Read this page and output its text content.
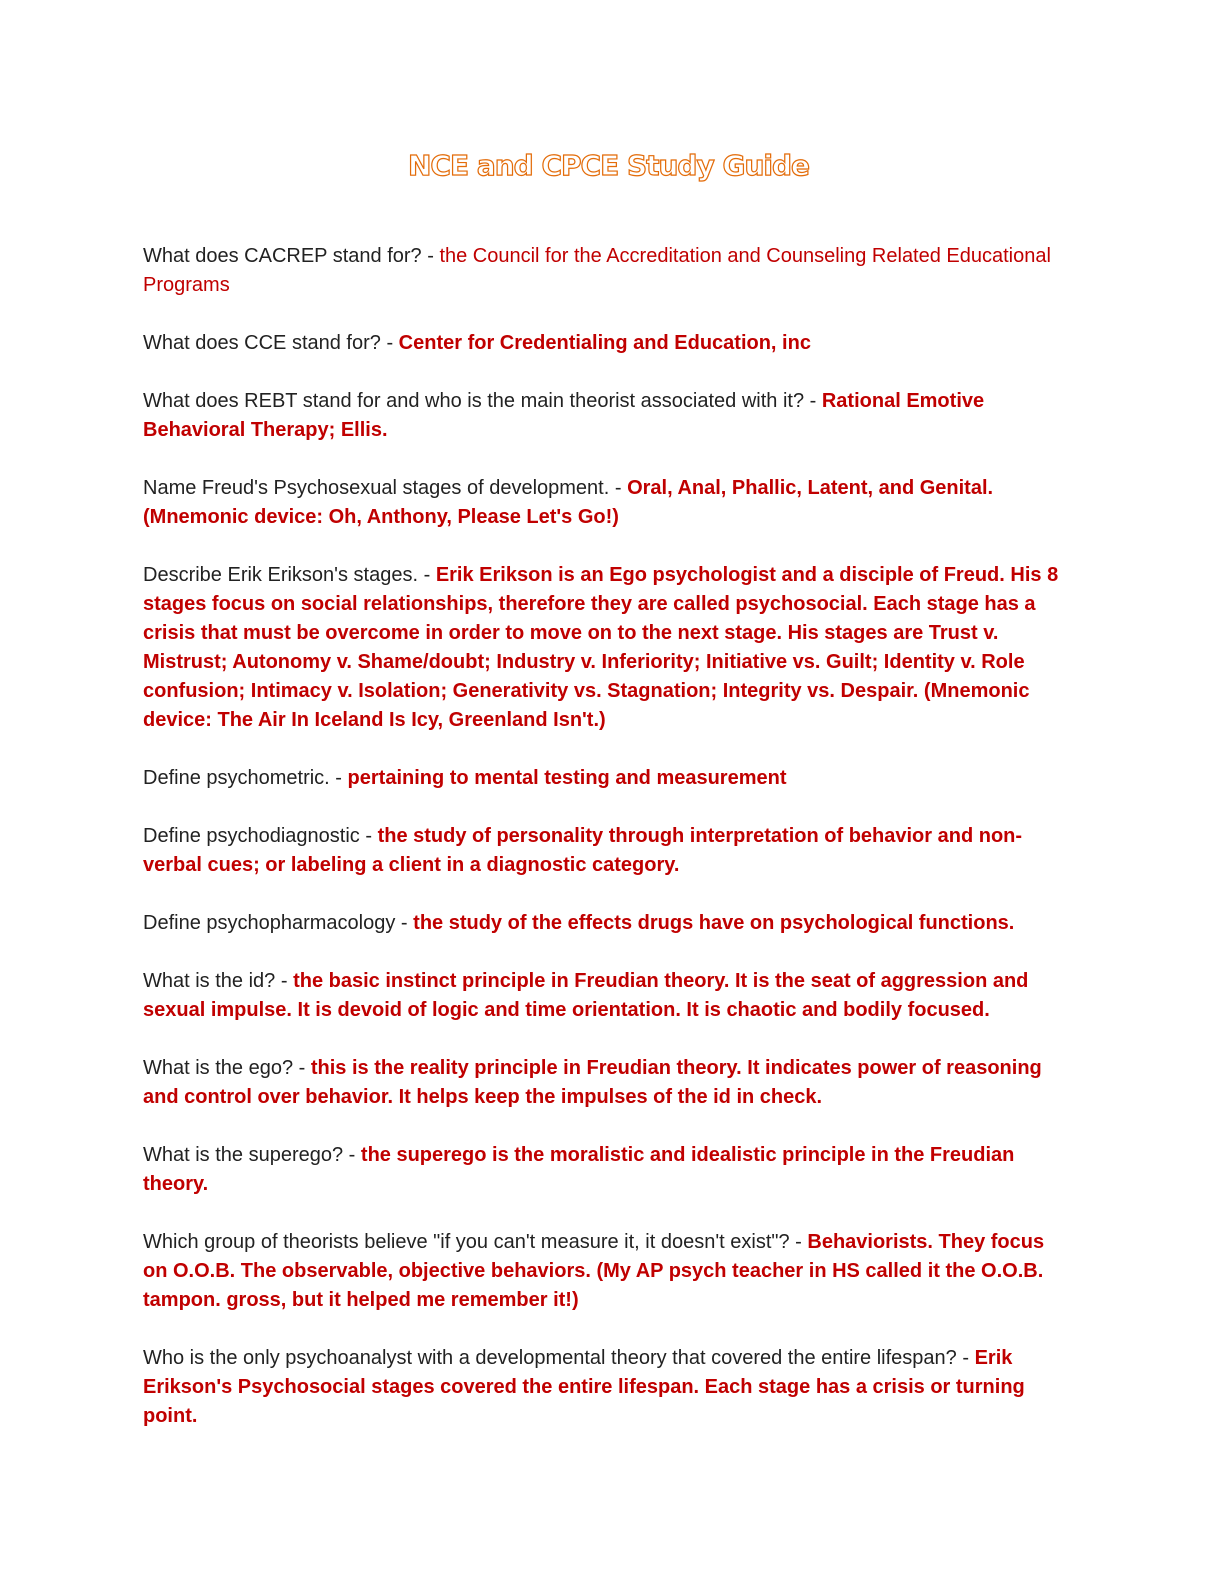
NCE and CPCE Study Guide
What does CACREP stand for? - the Council for the Accreditation and Counseling Related Educational Programs
What does CCE stand for? - Center for Credentialing and Education, inc
What does REBT stand for and who is the main theorist associated with it? - Rational Emotive Behavioral Therapy; Ellis.
Name Freud's Psychosexual stages of development. - Oral, Anal, Phallic, Latent, and Genital. (Mnemonic device: Oh, Anthony, Please Let's Go!)
Describe Erik Erikson's stages. - Erik Erikson is an Ego psychologist and a disciple of Freud. His 8 stages focus on social relationships, therefore they are called psychosocial. Each stage has a crisis that must be overcome in order to move on to the next stage. His stages are Trust v. Mistrust; Autonomy v. Shame/doubt; Industry v. Inferiority; Initiative vs. Guilt; Identity v. Role confusion; Intimacy v. Isolation; Generativity vs. Stagnation; Integrity vs. Despair. (Mnemonic device: The Air In Iceland Is Icy, Greenland Isn't.)
Define psychometric. - pertaining to mental testing and measurement
Define psychodiagnostic - the study of personality through interpretation of behavior and non-verbal cues; or labeling a client in a diagnostic category.
Define psychopharmacology - the study of the effects drugs have on psychological functions.
What is the id? - the basic instinct principle in Freudian theory. It is the seat of aggression and sexual impulse. It is devoid of logic and time orientation. It is chaotic and bodily focused.
What is the ego? - this is the reality principle in Freudian theory. It indicates power of reasoning and control over behavior. It helps keep the impulses of the id in check.
What is the superego? - the superego is the moralistic and idealistic principle in the Freudian theory.
Which group of theorists believe "if you can't measure it, it doesn't exist"? - Behaviorists. They focus on O.O.B. The observable, objective behaviors. (My AP psych teacher in HS called it the O.O.B. tampon. gross, but it helped me remember it!)
Who is the only psychoanalyst with a developmental theory that covered the entire lifespan? - Erik Erikson's Psychosocial stages covered the entire lifespan. Each stage has a crisis or turning point.
